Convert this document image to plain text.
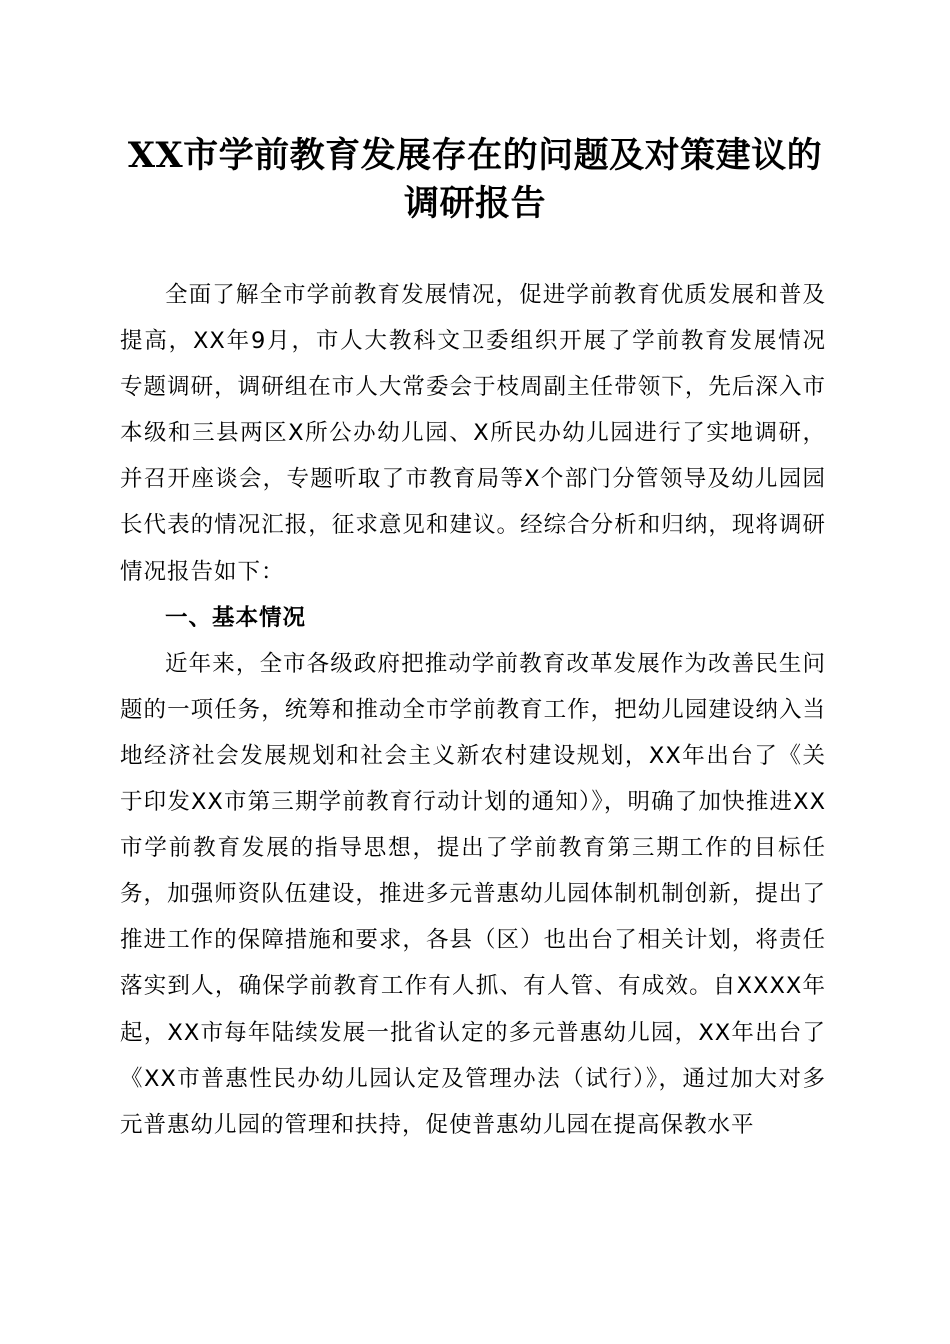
XX市学前教育发展存在的问题及对策建议的
调研报告

全面了解全市学前教育发展情况，促进学前教育优质发展和普及提高，XX年9月，市人大教科文卫委组织开展了学前教育发展情况专题调研，调研组在市人大常委会于枝周副主任带领下，先后深入市本级和三县两区X所公办幼儿园、X所民办幼儿园进行了实地调研，并召开座谈会，专题听取了市教育局等X个部门分管领导及幼儿园园长代表的情况汇报，征求意见和建议。经综合分析和归纳，现将调研情况报告如下：

一、基本情况

近年来，全市各级政府把推动学前教育改革发展作为改善民生问题的一项任务，统筹和推动全市学前教育工作，把幼儿园建设纳入当地经济社会发展规划和社会主义新农村建设规划，XX年出台了《关于印发XX市第三期学前教育行动计划的通知）》，明确了加快推进XX市学前教育发展的指导思想，提出了学前教育第三期工作的目标任务，加强师资队伍建设，推进多元普惠幼儿园体制机制创新，提出了推进工作的保障措施和要求，各县（区）也出台了相关计划，将责任落实到人，确保学前教育工作有人抓、有人管、有成效。自XXXX年起，XX市每年陆续发展一批省认定的多元普惠幼儿园，XX年出台了《XX市普惠性民办幼儿园认定及管理办法（试行）》，通过加大对多元普惠幼儿园的管理和扶持，促使普惠幼儿园在提高保教水平
